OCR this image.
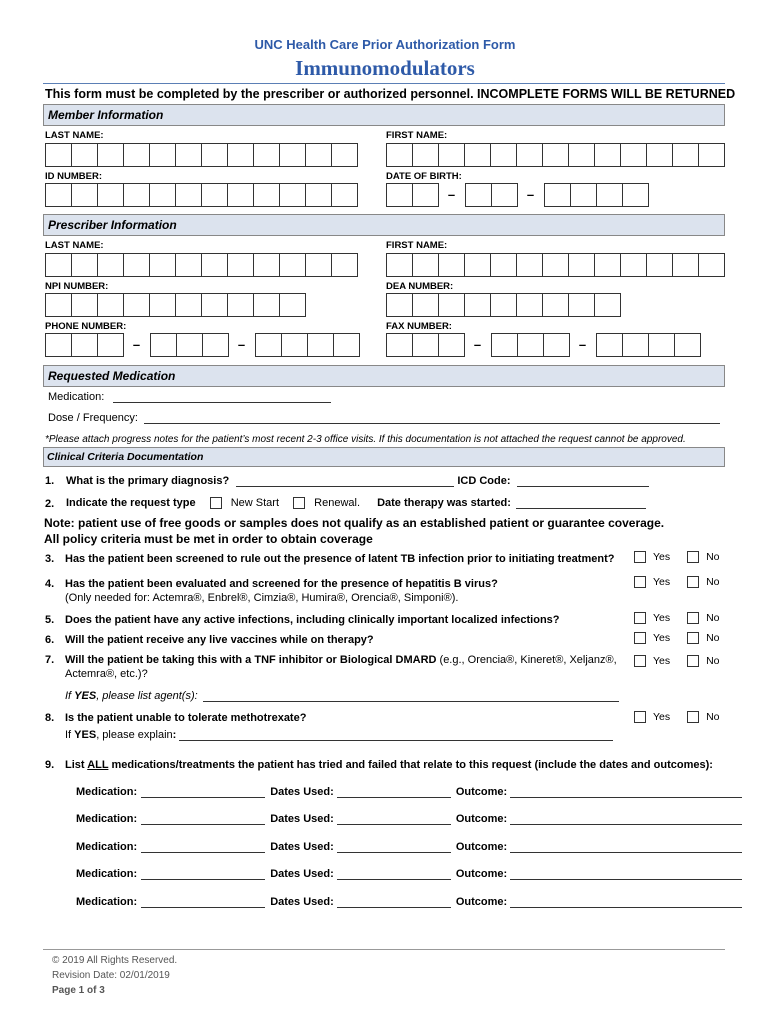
UNC Health Care Prior Authorization Form
Immunomodulators
This form must be completed by the prescriber or authorized personnel. INCOMPLETE FORMS WILL BE RETURNED
Member Information
LAST NAME:	FIRST NAME:
ID NUMBER:	DATE OF BIRTH:
–	–
Prescriber Information
LAST NAME:	FIRST NAME:
NPI NUMBER:	DEA NUMBER:
PHONE NUMBER:	FAX NUMBER:
–	–	–	–
Requested Medication
Medication:
Dose / Frequency:
*Please attach progress notes for the patient’s most recent 2-3 office visits. If this documentation is not attached the request cannot be approved.
Clinical Criteria Documentation
1. What is the primary diagnosis?	ICD Code:
2. Indicate the request type	New Start	Renewal. Date therapy was started:
Note: patient use of free goods or samples does not qualify as an established patient or guarantee coverage.
All policy criteria must be met in order to obtain coverage
3. Has the patient been screened to rule out the presence of latent TB infection prior to initiating treatment?	Yes	No
4. Has the patient been evaluated and screened for the presence of hepatitis B virus?
(Only needed for: Actemra®, Enbrel®, Cimzia®, Humira®, Orencia®, Simponi®).
Yes	No
5. Does the patient have any active infections, including clinically important localized infections?	Yes	No
6. Will the patient receive any live vaccines while on therapy?	Yes	No
7. Will the patient be taking this with a TNF inhibitor or Biological DMARD (e.g., Orencia®, Kineret®, Xeljanz®,
Actemra®, etc.)?
Yes	No
If YES, please list agent(s):
8. Is the patient unable to tolerate methotrexate?	Yes	No
If YES, please explain:
9. List ALL medications/treatments the patient has tried and failed that relate to this request (include the dates and outcomes):
Medication:	Dates Used:	Outcome:
Medication:	Dates Used:	Outcome:
Medication:	Dates Used:	Outcome:
Medication:	Dates Used:	Outcome:
Medication:	Dates Used:	Outcome:
© 2019 All Rights Reserved.
Revision Date: 02/01/2019
Page 1 of 3
